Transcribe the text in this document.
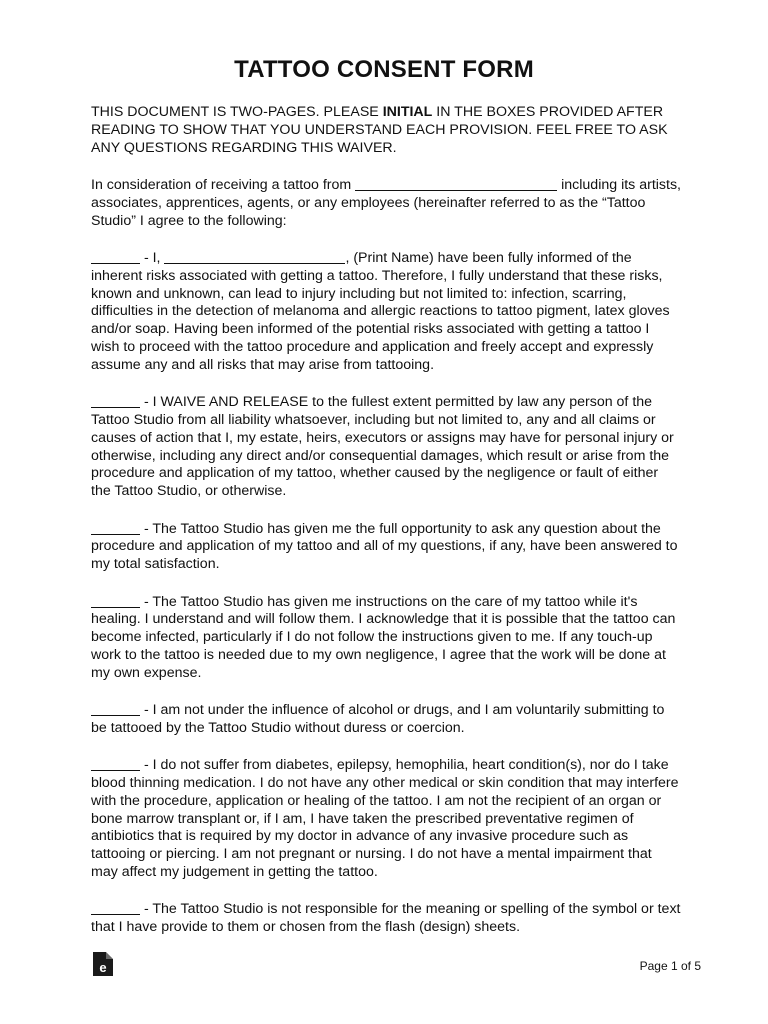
TATTOO CONSENT FORM

THIS DOCUMENT IS TWO-PAGES. PLEASE INITIAL IN THE BOXES PROVIDED AFTER READING TO SHOW THAT YOU UNDERSTAND EACH PROVISION. FEEL FREE TO ASK ANY QUESTIONS REGARDING THIS WAIVER.

In consideration of receiving a tattoo from	including its artists, associates, apprentices, agents, or any employees (hereinafter referred to as the “Tattoo Studio” I agree to the following:

- I,	, (Print Name) have been fully informed of the inherent risks associated with getting a tattoo. Therefore, I fully understand that these risks, known and unknown, can lead to injury including but not limited to: infection, scarring, difficulties in the detection of melanoma and allergic reactions to tattoo pigment, latex gloves and/or soap. Having been informed of the potential risks associated with getting a tattoo I wish to proceed with the tattoo procedure and application and freely accept and expressly assume any and all risks that may arise from tattooing.

- I WAIVE AND RELEASE to the fullest extent permitted by law any person of the Tattoo Studio from all liability whatsoever, including but not limited to, any and all claims or causes of action that I, my estate, heirs, executors or assigns may have for personal injury or otherwise, including any direct and/or consequential damages, which result or arise from the procedure and application of my tattoo, whether caused by the negligence or fault of either the Tattoo Studio, or otherwise.

- The Tattoo Studio has given me the full opportunity to ask any question about the procedure and application of my tattoo and all of my questions, if any, have been answered to my total satisfaction.

- The Tattoo Studio has given me instructions on the care of my tattoo while it's healing. I understand and will follow them. I acknowledge that it is possible that the tattoo can become infected, particularly if I do not follow the instructions given to me. If any touch-up work to the tattoo is needed due to my own negligence, I agree that the work will be done at my own expense.

- I am not under the influence of alcohol or drugs, and I am voluntarily submitting to be tattooed by the Tattoo Studio without duress or coercion.

- I do not suffer from diabetes, epilepsy, hemophilia, heart condition(s), nor do I take blood thinning medication. I do not have any other medical or skin condition that may interfere with the procedure, application or healing of the tattoo. I am not the recipient of an organ or bone marrow transplant or, if I am, I have taken the prescribed preventative regimen of antibiotics that is required by my doctor in advance of any invasive procedure such as tattooing or piercing. I am not pregnant or nursing. I do not have a mental impairment that may affect my judgement in getting the tattoo.

- The Tattoo Studio is not responsible for the meaning or spelling of the symbol or text that I have provide to them or chosen from the flash (design) sheets.

e	Page 1 of 5
